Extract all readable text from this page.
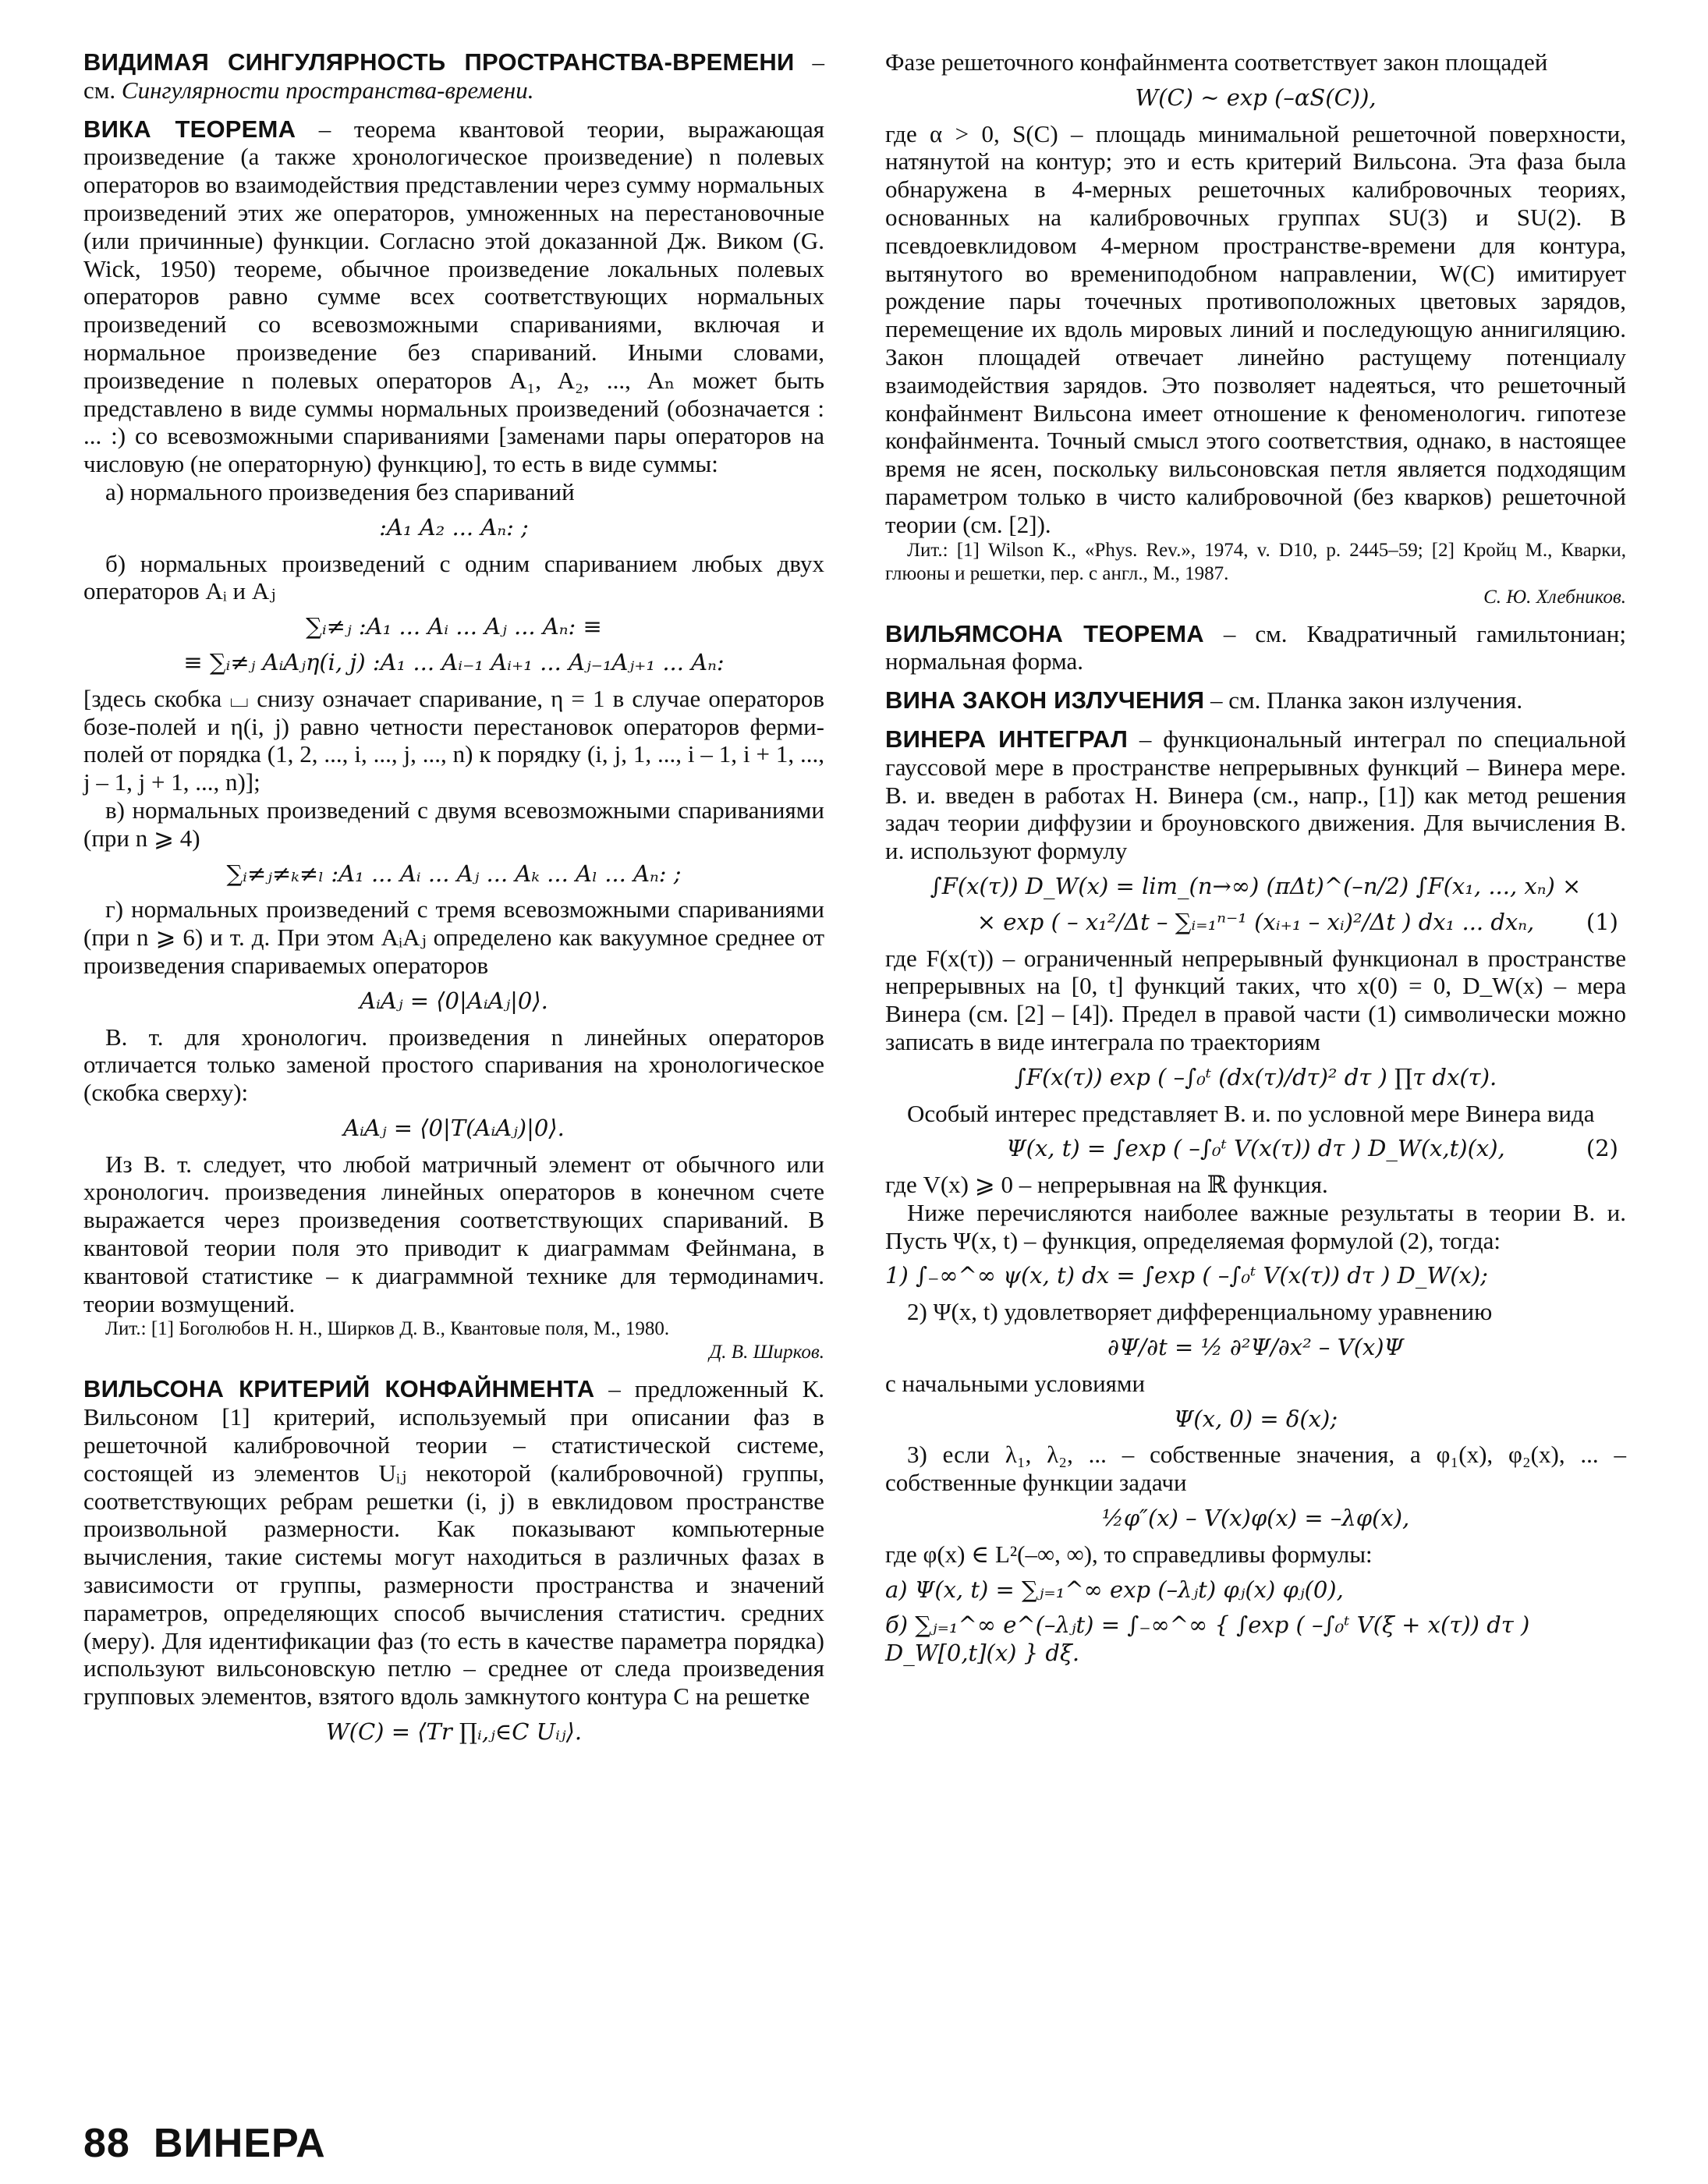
ВИДИМАЯ СИНГУЛЯРНОСТЬ ПРОСТРАНСТВА-ВРЕМЕНИ – см. Сингулярности пространства-времени.

ВИКА ТЕОРЕМА – теорема квантовой теории, выражающая произведение (а также хронологическое произведение) n полевых операторов во взаимодействия представлении через сумму нормальных произведений этих же операторов, умноженных на перестановочные (или причинные) функции. Согласно этой доказанной Дж. Виком (G. Wick, 1950) теореме, обычное произведение локальных полевых операторов равно сумме всех соответствующих нормальных произведений со всевозможными спариваниями, включая и нормальное произведение без спариваний. Иными словами, произведение n полевых операторов A₁, A₂, ..., Aₙ может быть представлено в виде суммы нормальных произведений (обозначается : ... :) со всевозможными спариваниями [заменами пары операторов на числовую (не операторную) функцию], то есть в виде суммы:

а) нормального произведения без спариваний

:A₁ A₂ ... Aₙ: ;

б) нормальных произведений с одним спариванием любых двух операторов Aᵢ и Aⱼ

∑ᵢ≠ⱼ :A₁ ... Aᵢ ... Aⱼ ... Aₙ: ≡

≡ ∑ᵢ≠ⱼ AᵢAⱼη(i, j) :A₁ ... Aᵢ₋₁ Aᵢ₊₁ ... Aⱼ₋₁Aⱼ₊₁ ... Aₙ:

[здесь скобка ⌴ снизу означает спаривание, η = 1 в случае операторов бозе-полей и η(i, j) равно четности перестановок операторов ферми-полей от порядка (1, 2, ..., i, ..., j, ..., n) к порядку (i, j, 1, ..., i – 1, i + 1, ..., j – 1, j + 1, ..., n)];

в) нормальных произведений с двумя всевозможными спариваниями (при n ⩾ 4)

∑ᵢ≠ⱼ≠ₖ≠ₗ :A₁ ... Aᵢ ... Aⱼ ... Aₖ ... Aₗ ... Aₙ: ;

г) нормальных произведений с тремя всевозможными спариваниями (при n ⩾ 6) и т. д. При этом AᵢAⱼ определено как вакуумное среднее от произведения спариваемых операторов

AᵢAⱼ = ⟨0|AᵢAⱼ|0⟩.

В. т. для хронологич. произведения n линейных операторов отличается только заменой простого спаривания на хронологическое (скобка сверху):

AᵢAⱼ = ⟨0|T(AᵢAⱼ)|0⟩.

Из В. т. следует, что любой матричный элемент от обычного или хронологич. произведения линейных операторов в конечном счете выражается через произведения соответствующих спариваний. В квантовой теории поля это приводит к диаграммам Фейнмана, в квантовой статистике – к диаграммной технике для термодинамич. теории возмущений.

Лит.: [1] Боголюбов Н. Н., Ширков Д. В., Квантовые поля, М., 1980.

Д. В. Ширков.

ВИЛЬСОНА КРИТЕРИЙ КОНФАЙНМЕНТА – предложенный К. Вильсоном [1] критерий, используемый при описании фаз в решеточной калибровочной теории – статистической системе, состоящей из элементов Uᵢⱼ некоторой (калибровочной) группы, соответствующих ребрам решетки (i, j) в евклидовом пространстве произвольной размерности. Как показывают компьютерные вычисления, такие системы могут находиться в различных фазах в зависимости от группы, размерности пространства и значений параметров, определяющих способ вычисления статистич. средних (меру). Для идентификации фаз (то есть в качестве параметра порядка) используют вильсоновскую петлю – среднее от следа произведения групповых элементов, взятого вдоль замкнутого контура C на решетке

W(C) = ⟨Tr ∏ᵢ,ⱼ∈C Uᵢⱼ⟩.

Фазе решеточного конфайнмента соответствует закон площадей

W(C) ~ exp (–αS(C)),

где α > 0, S(C) – площадь минимальной решеточной поверхности, натянутой на контур; это и есть критерий Вильсона. Эта фаза была обнаружена в 4-мерных решеточных калибровочных теориях, основанных на калибровочных группах SU(3) и SU(2). В псевдоевклидовом 4-мерном пространстве-времени для контура, вытянутого во времениподобном направлении, W(C) имитирует рождение пары точечных противоположных цветовых зарядов, перемещение их вдоль мировых линий и последующую аннигиляцию. Закон площадей отвечает линейно растущему потенциалу взаимодействия зарядов. Это позволяет надеяться, что решеточный конфайнмент Вильсона имеет отношение к феноменологич. гипотезе конфайнмента. Точный смысл этого соответствия, однако, в настоящее время не ясен, поскольку вильсоновская петля является подходящим параметром только в чисто калибровочной (без кварков) решеточной теории (см. [2]).

Лит.: [1] Wilson K., «Phys. Rev.», 1974, v. D10, p. 2445–59; [2] Кройц М., Кварки, глюоны и решетки, пер. с англ., М., 1987.

С. Ю. Хлебников.

ВИЛЬЯМСОНА ТЕОРЕМА – см. Квадратичный гамильтониан; нормальная форма.

ВИНА ЗАКОН ИЗЛУЧЕНИЯ – см. Планка закон излучения.

ВИНЕРА ИНТЕГРАЛ – функциональный интеграл по специальной гауссовой мере в пространстве непрерывных функций – Винера мере. В. и. введен в работах Н. Винера (см., напр., [1]) как метод решения задач теории диффузии и броуновского движения. Для вычисления В. и. используют формулу

∫F(x(τ)) D_W(x) = lim_(n→∞) (πΔt)^(–n/2) ∫F(x₁, ..., xₙ) ×

× exp ( – x₁²/Δt – ∑ᵢ₌₁ⁿ⁻¹ (xᵢ₊₁ – xᵢ)²/Δt ) dx₁ ... dxₙ, (1)

где F(x(τ)) – ограниченный непрерывный функционал в пространстве непрерывных на [0, t] функций таких, что x(0) = 0, D_W(x) – мера Винера (см. [2] – [4]). Предел в правой части (1) символически можно записать в виде интеграла по траекториям

∫F(x(τ)) exp ( –∫₀ᵗ (dx(τ)/dτ)² dτ ) ∏τ dx(τ).

Особый интерес представляет В. и. по условной мере Винера вида

Ψ(x, t) = ∫exp ( –∫₀ᵗ V(x(τ)) dτ ) D_W(x,t)(x),	(2)

где V(x) ⩾ 0 – непрерывная на ℝ функция.

Ниже перечисляются наиболее важные результаты в теории В. и. Пусть Ψ(x, t) – функция, определяемая формулой (2), тогда:

1) ∫₋∞^∞ ψ(x, t) dx = ∫exp ( –∫₀ᵗ V(x(τ)) dτ ) D_W(x);

2) Ψ(x, t) удовлетворяет дифференциальному уравнению

∂Ψ/∂t = ½ ∂²Ψ/∂x² – V(x)Ψ

с начальными условиями

Ψ(x, 0) = δ(x);

3) если λ₁, λ₂, ... – собственные значения, а φ₁(x), φ₂(x), ... – собственные функции задачи

½φ″(x) – V(x)φ(x) = –λφ(x),

где φ(x) ∈ L²(–∞, ∞), то справедливы формулы:

а) Ψ(x, t) = ∑ⱼ₌₁^∞ exp (–λⱼt) φⱼ(x) φⱼ(0),

б) ∑ⱼ₌₁^∞ e^(–λⱼt) = ∫₋∞^∞ { ∫exp ( –∫₀ᵗ V(ξ + x(τ)) dτ ) D_W[0,t](x) } dξ.

88 ВИНЕРА
